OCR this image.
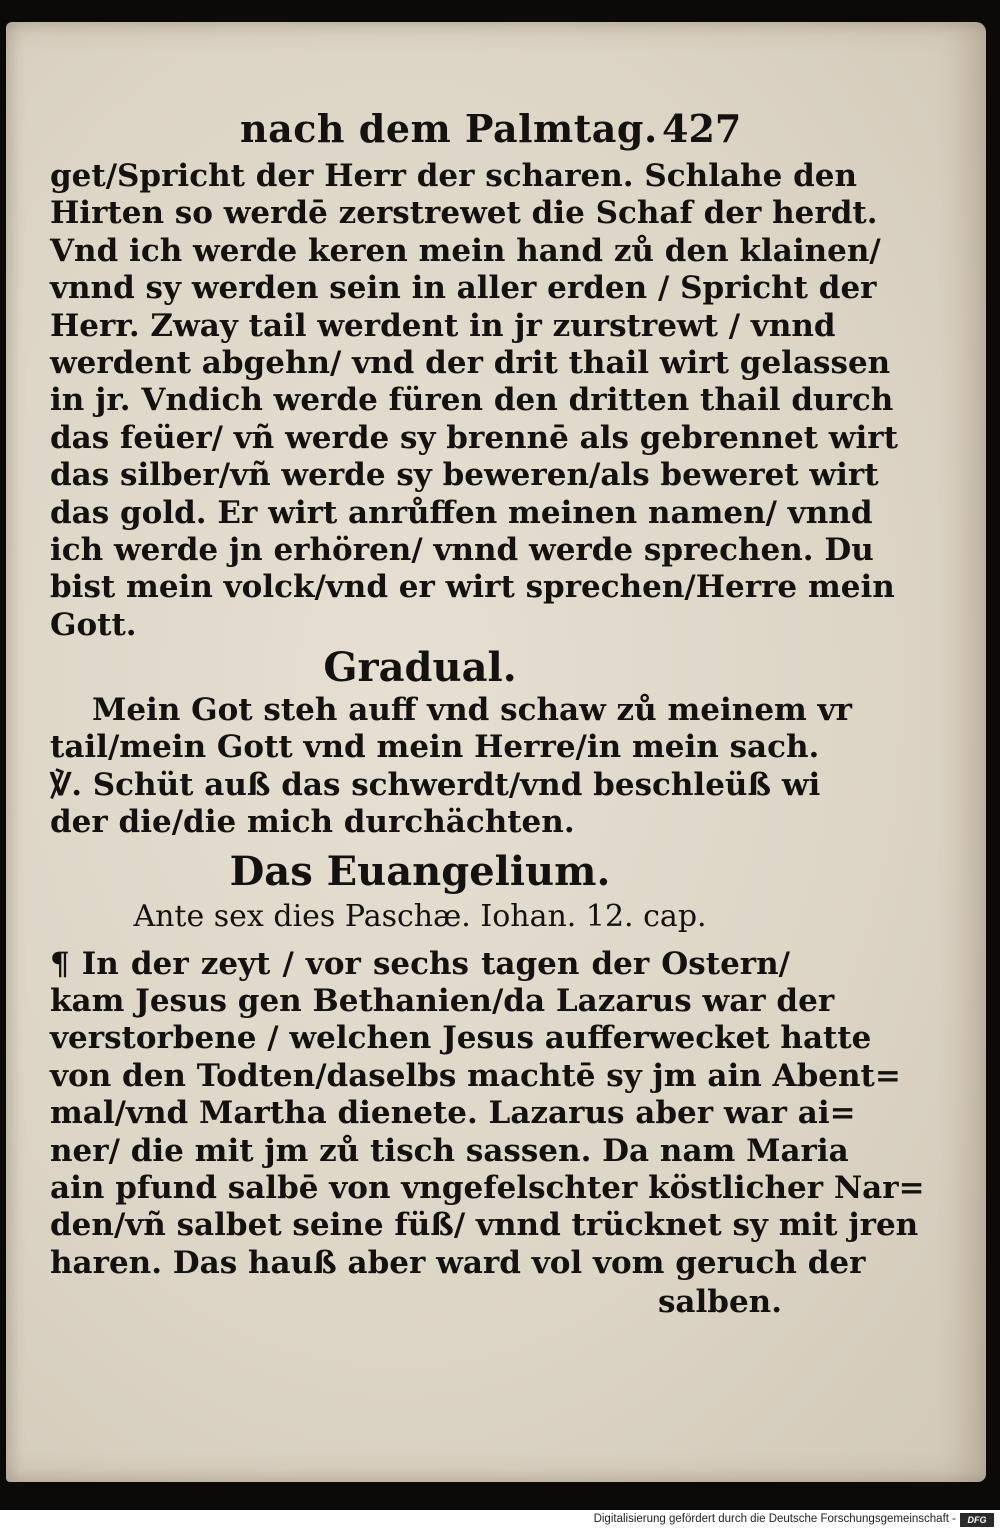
nach dem Palmtag. 427
get/Spricht der Herr der scharen. Schlahe den
Hirten so werdē zerstrewet die Schaf der herdt.
Vnd ich werde keren mein hand zů den klainen/
vnnd sy werden sein in aller erden / Spricht der
Herr. Zway tail werdent in jr zurstrewt / vnnd
werdent abgehn/ vnd der drit thail wirt gelassen
in jr. Vndich werde füren den dritten thail durch
das feüer/ vñ werde sy brennē als gebrennet wirt
das silber/vñ werde sy beweren/als beweret wirt
das gold. Er wirt anrůffen meinen namen/ vnnd
ich werde jn erhören/ vnnd werde sprechen. Du
bist mein volck/vnd er wirt sprechen/Herre mein
Gott.
Gradual.
Mein Got steh auff vnd schaw zů meinem vr
tail/mein Gott vnd mein Herre/in mein sach.
℣. Schüt auß das schwerdt/vnd beschleüß wi
der die/die mich durchächten.
Das Euangelium.
Ante sex dies Paschæ. Iohan. 12. cap.
¶ In der zeyt / vor sechs tagen der Ostern/
kam Jesus gen Bethanien/da Lazarus war der
verstorbene / welchen Jesus aufferwecket hatte
von den Todten/daselbs machtē sy jm ain Abent=
mal/vnd Martha dienete. Lazarus aber war ai=
ner/ die mit jm zů tisch sassen. Da nam Maria
ain pfund salbē von vngefelschter köstlicher Nar=
den/vñ salbet seine füß/ vnnd trücknet sy mit jren
haren. Das hauß aber ward vol vom geruch der
salben.
Digitalisierung gefördert durch die Deutsche Forschungsgemeinschaft -	DFG
